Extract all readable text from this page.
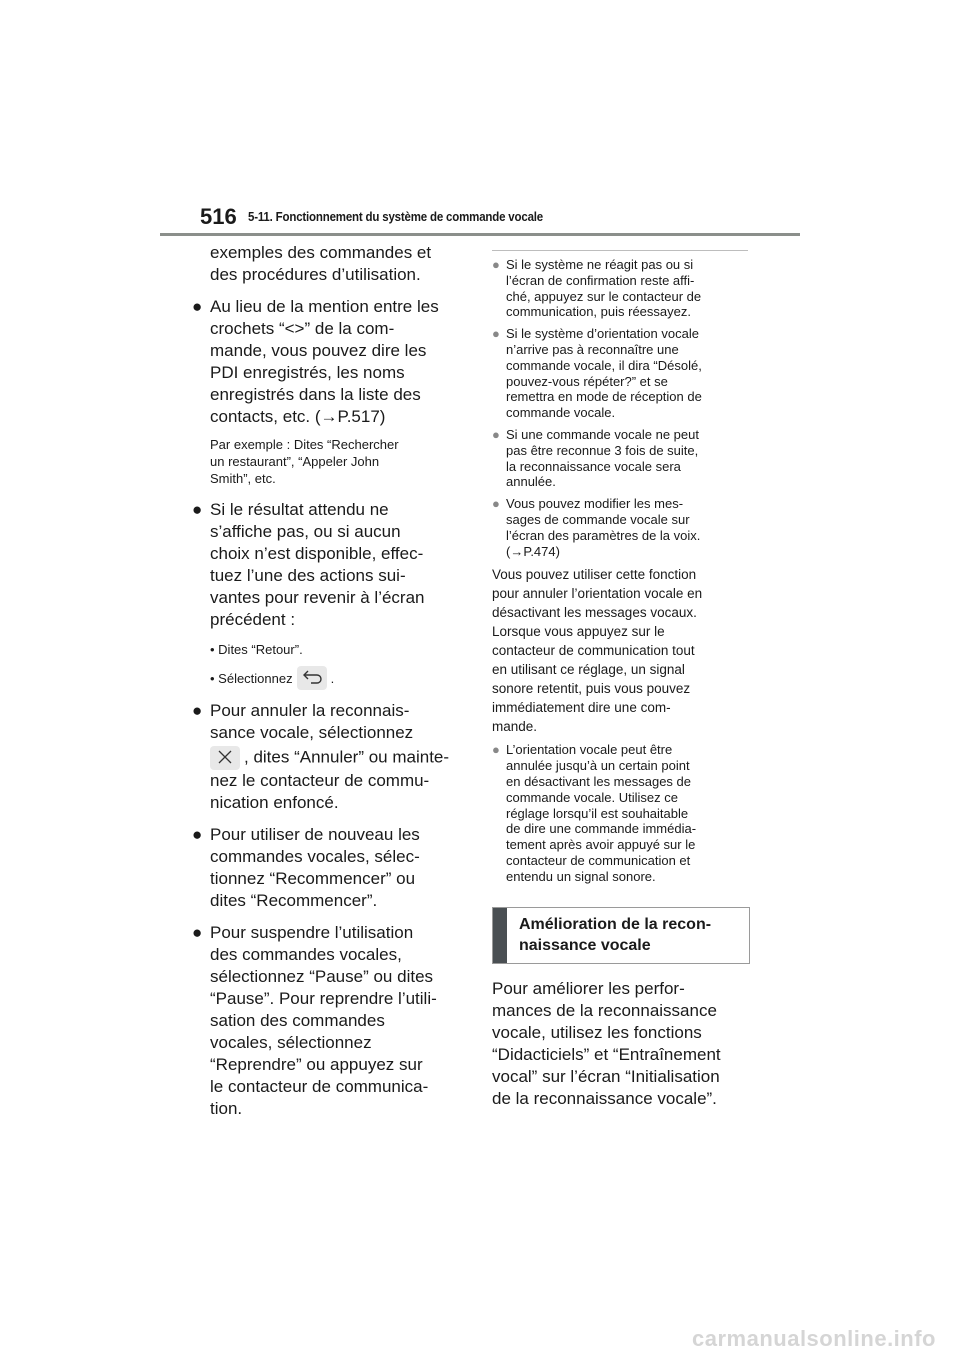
516 5-11. Fonctionnement du système de commande vocale
exemples des commandes et
des procédures d’utilisation.
● Au lieu de la mention entre les
crochets “<>” de la com-
mande, vous pouvez dire les
PDI enregistrés, les noms
enregistrés dans la liste des
contacts, etc. (→P.517)
Par exemple : Dites “Rechercher
un restaurant”, “Appeler John
Smith”, etc.
● Si le résultat attendu ne
s’affiche pas, ou si aucun
choix n’est disponible, effec-
tuez l’une des actions sui-
vantes pour revenir à l’écran
précédent :
• Dites “Retour”.
• Sélectionnez	.
● Pour annuler la reconnais-
sance vocale, sélectionnez
, dites “Annuler” ou mainte-
nez le contacteur de commu-
nication enfoncé.
● Pour utiliser de nouveau les
commandes vocales, sélec-
tionnez “Recommencer” ou
dites “Recommencer”.
● Pour suspendre l’utilisation
des commandes vocales,
sélectionnez “Pause” ou dites
“Pause”. Pour reprendre l’utili-
sation des commandes
vocales, sélectionnez
“Reprendre” ou appuyez sur
le contacteur de communica-
tion.
● Si le système ne réagit pas ou si
l’écran de confirmation reste affi-
ché, appuyez sur le contacteur de
communication, puis réessayez.
● Si le système d’orientation vocale
n’arrive pas à reconnaître une
commande vocale, il dira “Désolé,
pouvez-vous répéter?” et se
remettra en mode de réception de
commande vocale.
● Si une commande vocale ne peut
pas être reconnue 3 fois de suite,
la reconnaissance vocale sera
annulée.
● Vous pouvez modifier les mes-
sages de commande vocale sur
l’écran des paramètres de la voix.
(→P.474)
Vous pouvez utiliser cette fonction
pour annuler l’orientation vocale en
désactivant les messages vocaux.
Lorsque vous appuyez sur le
contacteur de communication tout
en utilisant ce réglage, un signal
sonore retentit, puis vous pouvez
immédiatement dire une com-
mande.
● L’orientation vocale peut être
annulée jusqu’à un certain point
en désactivant les messages de
commande vocale. Utilisez ce
réglage lorsqu’il est souhaitable
de dire une commande immédia-
tement après avoir appuyé sur le
contacteur de communication et
entendu un signal sonore.
Amélioration de la recon-
naissance vocale
Pour améliorer les perfor-
mances de la reconnaissance
vocale, utilisez les fonctions
“Didacticiels” et “Entraînement
vocal” sur l’écran “Initialisation
de la reconnaissance vocale”.
carmanualsonline.info
